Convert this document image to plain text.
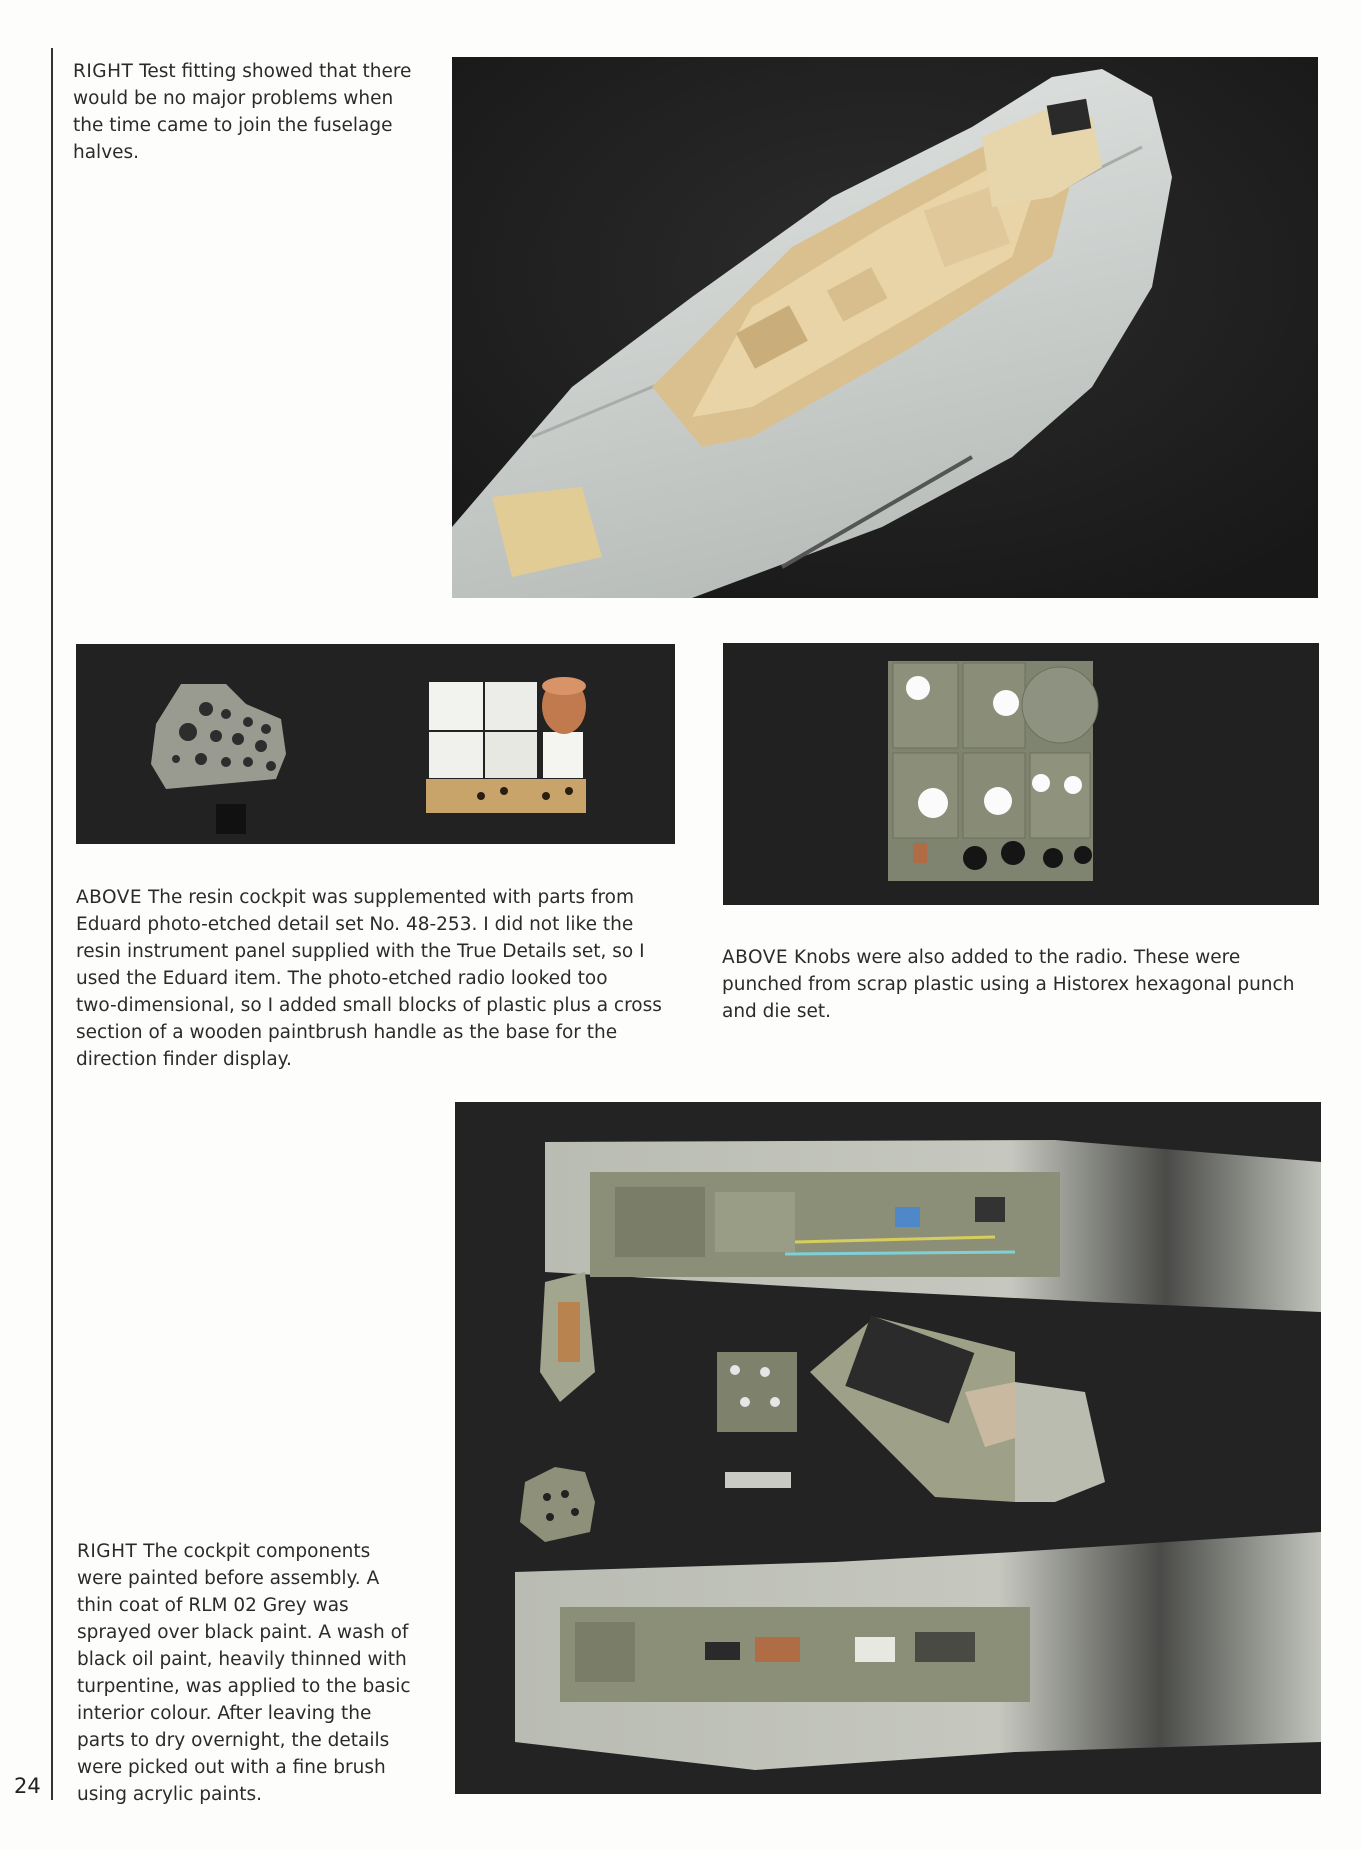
RIGHT Test fitting showed that there
would be no major problems when
the time came to join the fuselage
halves.
ABOVE The resin cockpit was supplemented with parts from
Eduard photo-etched detail set No. 48-253. I did not like the
resin instrument panel supplied with the True Details set, so I
used the Eduard item. The photo-etched radio looked too
two-dimensional, so I added small blocks of plastic plus a cross
section of a wooden paintbrush handle as the base for the
direction finder display.
ABOVE Knobs were also added to the radio. These were
punched from scrap plastic using a Historex hexagonal punch
and die set.
RIGHT The cockpit components
were painted before assembly. A
thin coat of RLM 02 Grey was
sprayed over black paint. A wash of
black oil paint, heavily thinned with
turpentine, was applied to the basic
interior colour. After leaving the
parts to dry overnight, the details
were picked out with a fine brush
using acrylic paints.
24
